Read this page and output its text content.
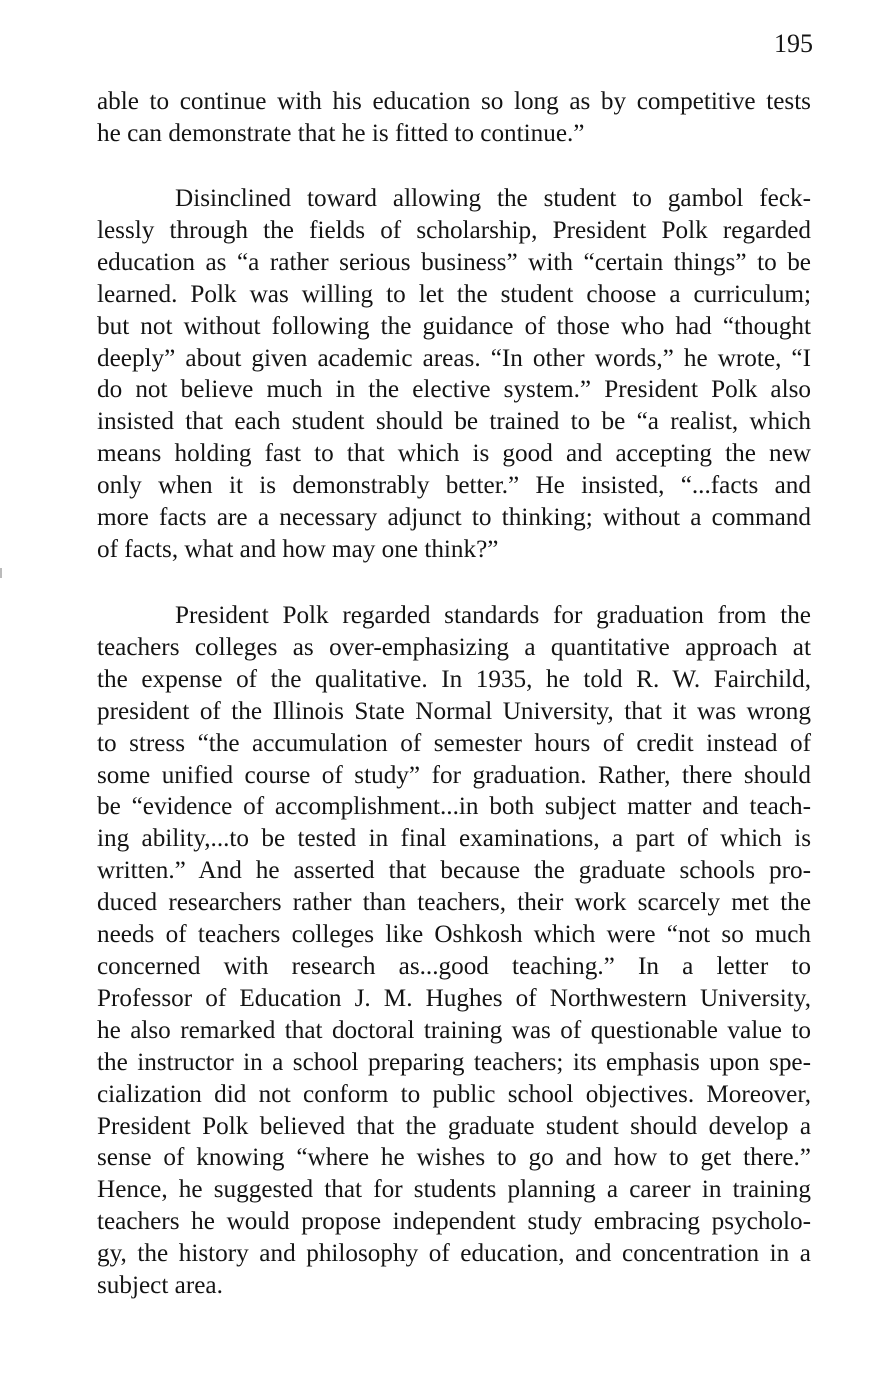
195

able to continue with his education so long as by competitive tests
he can demonstrate that he is fitted to continue.”

Disinclined toward allowing the student to gambol feck-
lessly through the fields of scholarship, President Polk regarded
education as “a rather serious business” with “certain things” to be
learned. Polk was willing to let the student choose a curriculum;
but not without following the guidance of those who had “thought
deeply” about given academic areas. “In other words,” he wrote, “I
do not believe much in the elective system.” President Polk also
insisted that each student should be trained to be “a realist, which
means holding fast to that which is good and accepting the new
only when it is demonstrably better.” He insisted, “...facts and
more facts are a necessary adjunct to thinking; without a command
of facts, what and how may one think?”

President Polk regarded standards for graduation from the
teachers colleges as over-emphasizing a quantitative approach at
the expense of the qualitative. In 1935, he told R. W. Fairchild,
president of the Illinois State Normal University, that it was wrong
to stress “the accumulation of semester hours of credit instead of
some unified course of study” for graduation. Rather, there should
be “evidence of accomplishment...in both subject matter and teach-
ing ability,...to be tested in final examinations, a part of which is
written.” And he asserted that because the graduate schools pro-
duced researchers rather than teachers, their work scarcely met the
needs of teachers colleges like Oshkosh which were “not so much
concerned with research as...good teaching.” In a letter to
Professor of Education J. M. Hughes of Northwestern University,
he also remarked that doctoral training was of questionable value to
the instructor in a school preparing teachers; its emphasis upon spe-
cialization did not conform to public school objectives. Moreover,
President Polk believed that the graduate student should develop a
sense of knowing “where he wishes to go and how to get there.”
Hence, he suggested that for students planning a career in training
teachers he would propose independent study embracing psycholo-
gy, the history and philosophy of education, and concentration in a
subject area.
